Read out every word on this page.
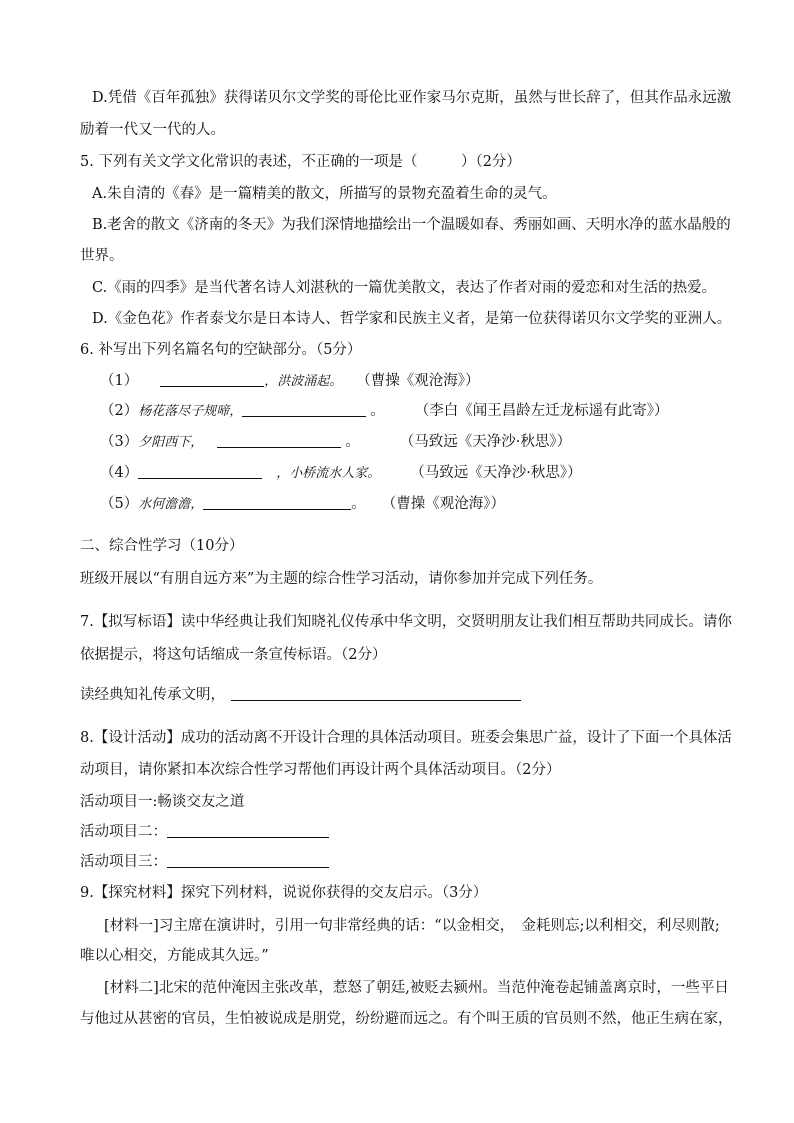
D.凭借《百年孤独》获得诺贝尔文学奖的哥伦比亚作家马尔克斯，虽然与世长辞了，但其作品永远激
励着一代又一代的人。
5. 下列有关文学文化常识的表述，不正确的一项是（　　　）（2分）
A.朱自清的《春》是一篇精美的散文，所描写的景物充盈着生命的灵气。
B.老舍的散文《济南的冬天》为我们深情地描绘出一个温暖如春、秀丽如画、天明水净的蓝水晶般的
世界。
C.《雨的四季》是当代著名诗人刘湛秋的一篇优美散文，表达了作者对雨的爱恋和对生活的热爱。
D.《金色花》作者泰戈尔是日本诗人、哲学家和民族主义者，是第一位获得诺贝尔文学奖的亚洲人。
6. 补写出下列名篇名句的空缺部分。（5分）
（1）	，洪波涌起。 （曹操《观沧海》）
（2）杨花落尽子规啼，	。 （李白《闻王昌龄左迁龙标遥有此寄》）
（3）夕阳西下，	。	（马致远《天净沙·秋思》）
（4）	，小桥流水人家。 （马致远《天净沙·秋思》）
（5）水何澹澹，	。 （曹操《观沧海》）
二、综合性学习（10分）
班级开展以“有朋自远方来”为主题的综合性学习活动，请你参加并完成下列任务。
7.【拟写标语】读中华经典让我们知晓礼仪传承中华文明，交贤明朋友让我们相互帮助共同成长。请你
依据提示，将这句话缩成一条宣传标语。（2分）
读经典知礼传承文明，
8.【设计活动】成功的活动离不开设计合理的具体活动项目。班委会集思广益，设计了下面一个具体活
动项目，请你紧扣本次综合性学习帮他们再设计两个具体活动项目。（2分）
活动项目一:畅谈交友之道
活动项目二：
活动项目三：
9.【探究材料】探究下列材料，说说你获得的交友启示。（3分）
[材料一]习主席在演讲时，引用一句非常经典的话：“以金相交，　金耗则忘;以利相交，利尽则散;
唯以心相交，方能成其久远。”
[材料二]北宋的范仲淹因主张改革，惹怒了朝廷,被贬去颍州。当范仲淹卷起铺盖离京时，一些平日
与他过从甚密的官员，生怕被说成是朋党，纷纷避而远之。有个叫王质的官员则不然，他正生病在家，
